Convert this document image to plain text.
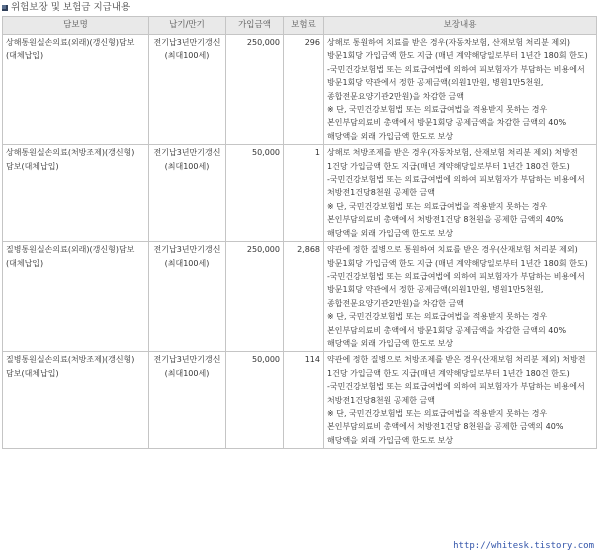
위험보장 및 보험금 지급내용
담보명	납기/만기	가입금액	보험료	보장내용
상해통원실손의료(외래)(갱신형)담보(대체납입)	전기납3년만기갱신(최대100세)	250,000	296	상해로 통원하여 치료를 받은 경우(자동차보험, 산재보험 처리분 제외) 방문1회당 가입금액 한도 지급 (매년 계약해당일로부터 1년간 180회 한도)

-국민건강보험법 또는 의료급여법에 의하여 피보험자가 부담하는 비용에서 방문1회당 약관에서 정한 공제금액(의원1만원, 병원1만5천원, 종합전문요양기관2만원)을 차감한 금액

※ 단, 국민건강보험법 또는 의료급여법을 적용받지 못하는 경우 본인부담의료비 총액에서 방문1회당 공제금액을 차감한 금액의 40%해당액을 외래 가입금액 한도로 보상

상해통원실손의료(처방조제)(갱신형)담보(대체납입)	전기납3년만기갱신(최대100세)	50,000	1	상해로 처방조제를 받은 경우(자동차보험, 산재보험 처리분 제외) 처방전 1건당 가입금액 한도 지급(매년 계약해당일로부터 1년간 180건 한도)

-국민건강보험법 또는 의료급여법에 의하여 피보험자가 부담하는 비용에서 처방전1건당8천원 공제한 금액

※ 단, 국민건강보험법 또는 의료급여법을 적용받지 못하는 경우 본인부담의료비 총액에서 처방전1건당 8천원을 공제한 금액의 40%해당액을 외래 가입금액 한도로 보상

질병통원실손의료(외래)(갱신형)담보(대체납입)	전기납3년만기갱신(최대100세)	250,000	2,868	약관에 정한 질병으로 통원하여 치료를 받은 경우(산재보험 처리분 제외) 방문1회당 가입금액 한도 지급 (매년 계약해당일로부터 1년간 180회 한도)

-국민건강보험법 또는 의료급여법에 의하여 피보험자가 부담하는 비용에서 방문1회당 약관에서 정한 공제금액(의원1만원, 병원1만5천원, 종합전문요양기관2만원)을 차감한 금액

※ 단, 국민건강보험법 또는 의료급여법을 적용받지 못하는 경우 본인부담의료비 총액에서 방문1회당 공제금액을 차감한 금액의 40%해당액을 외래 가입금액 한도로 보상

질병통원실손의료(처방조제)(갱신형)담보(대체납입)	전기납3년만기갱신(최대100세)	50,000	114	약관에 정한 질병으로 처방조제를 받은 경우(산재보험 처리분 제외) 처방전 1건당 가입금액 한도 지급(매년 계약해당일로부터 1년간 180건 한도)

-국민건강보험법 또는 의료급여법에 의하여 피보험자가 부담하는 비용에서 처방전1건당8천원 공제한 금액

※ 단, 국민건강보험법 또는 의료급여법을 적용받지 못하는 경우 본인부담의료비 총액에서 처방전1건당 8천원을 공제한 금액의 40%해당액을 외래 가입금액 한도로 보상

http://whitesk.tistory.com
